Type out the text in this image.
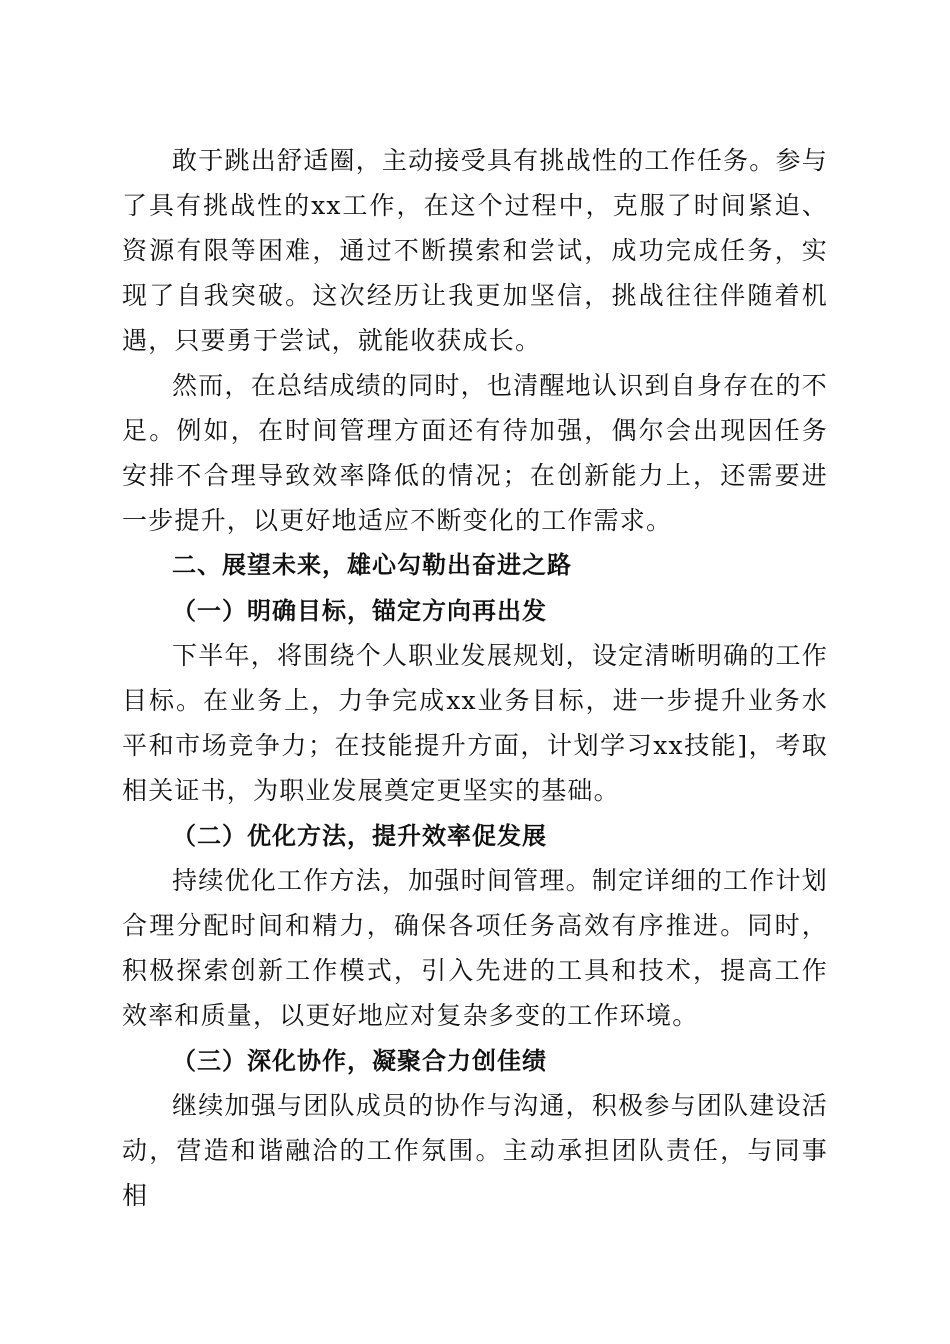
敢于跳出舒适圈，主动接受具有挑战性的工作任务。参与了具有挑战性的xx工作，在这个过程中，克服了时间紧迫、资源有限等困难，通过不断摸索和尝试，成功完成任务，实现了自我突破。这次经历让我更加坚信，挑战往往伴随着机遇，只要勇于尝试，就能收获成长。

然而，在总结成绩的同时，也清醒地认识到自身存在的不足。例如，在时间管理方面还有待加强，偶尔会出现因任务安排不合理导致效率降低的情况；在创新能力上，还需要进一步提升，以更好地适应不断变化的工作需求。

二、展望未来，雄心勾勒出奋进之路

（一）明确目标，锚定方向再出发

下半年，将围绕个人职业发展规划，设定清晰明确的工作目标。在业务上，力争完成xx业务目标，进一步提升业务水平和市场竞争力；在技能提升方面，计划学习xx技能]，考取相关证书，为职业发展奠定更坚实的基础。

（二）优化方法，提升效率促发展

持续优化工作方法，加强时间管理。制定详细的工作计划合理分配时间和精力，确保各项任务高效有序推进。同时，积极探索创新工作模式，引入先进的工具和技术，提高工作效率和质量，以更好地应对复杂多变的工作环境。

（三）深化协作，凝聚合力创佳绩

继续加强与团队成员的协作与沟通，积极参与团队建设活动，营造和谐融洽的工作氛围。主动承担团队责任，与同事相
